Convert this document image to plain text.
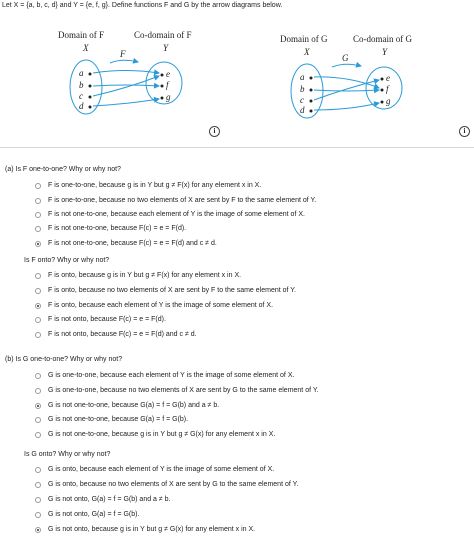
Let X = {a, b, c, d} and Y = {e, f, g}. Define functions F and G by the arrow diagrams below.
Domain of F	Co-domain of F
X	Y
F
a
b
c
d
e
f
g
i
Domain of G	Co-domain of G
X	Y
G
a
b
c
d
e
f
g
i
(a) Is F one-to-one? Why or why not?
F is one-to-one, because g is in Y but g ≠ F(x) for any element x in X.
F is one-to-one, because no two elements of X are sent by F to the same element of Y.
F is not one-to-one, because each element of Y is the image of some element of X.
F is not one-to-one, because F(c) = e = F(d).
F is not one-to-one, because F(c) = e = F(d) and c ≠ d.
Is F onto? Why or why not?
F is onto, because g is in Y but g ≠ F(x) for any element x in X.
F is onto, because no two elements of X are sent by F to the same element of Y.
F is onto, because each element of Y is the image of some element of X.
F is not onto, because F(c) = e = F(d).
F is not onto, because F(c) = e = F(d) and c ≠ d.
(b) Is G one-to-one? Why or why not?
G is one-to-one, because each element of Y is the image of some element of X.
G is one-to-one, because no two elements of X are sent by G to the same element of Y.
G is not one-to-one, because G(a) = f = G(b) and a ≠ b.
G is not one-to-one, because G(a) = f = G(b).
G is not one-to-one, because g is in Y but g ≠ G(x) for any element x in X.
Is G onto? Why or why not?
G is onto, because each element of Y is the image of some element of X.
G is onto, because no two elements of X are sent by G to the same element of Y.
G is not onto, G(a) = f = G(b) and a ≠ b.
G is not onto, G(a) = f = G(b).
G is not onto, because g is in Y but g ≠ G(x) for any element x in X.
